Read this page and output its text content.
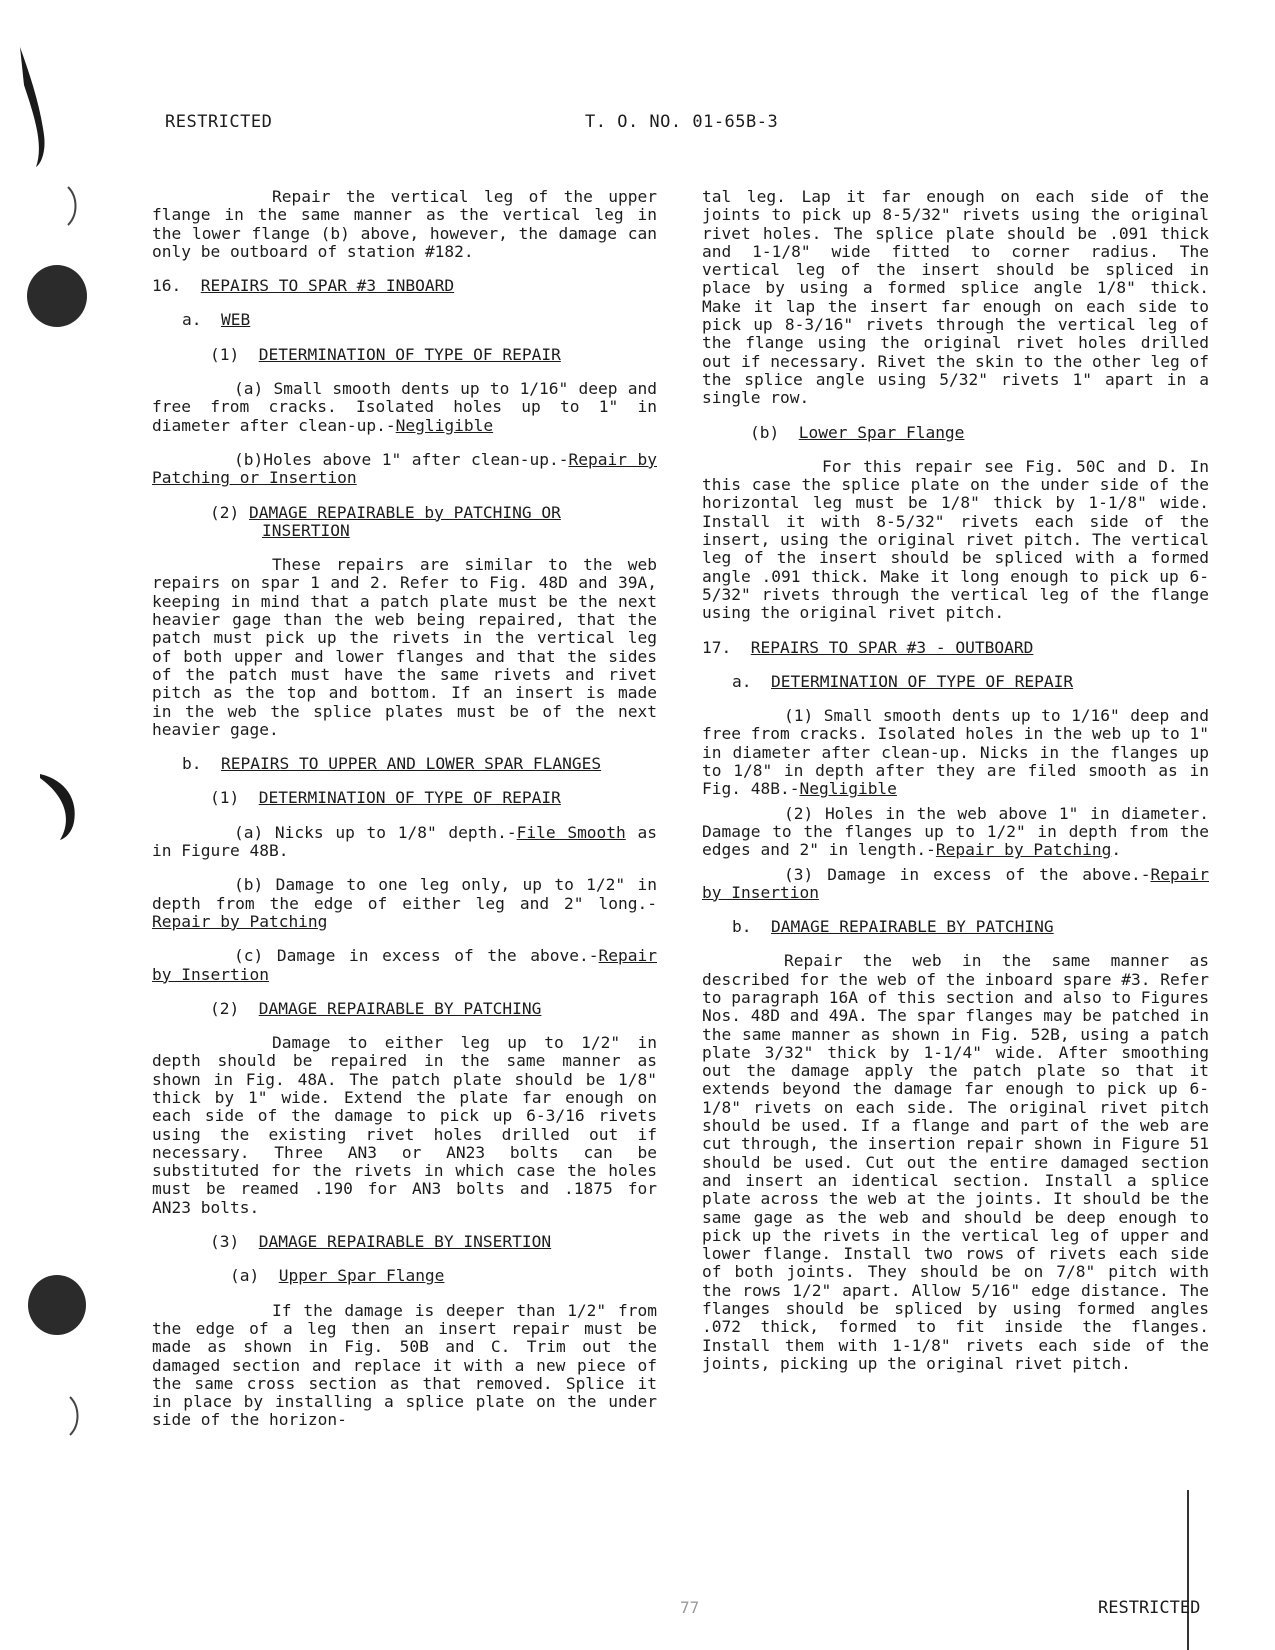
RESTRICTED	T. O. NO. 01-65B-3

Repair the vertical leg of the upper flange in the same manner as the vertical leg in the lower flange (b) above, however, the damage can only be outboard of station #182.

16. REPAIRS TO SPAR #3 INBOARD
a. WEB
(1) DETERMINATION OF TYPE OF REPAIR

(a) Small smooth dents up to 1/16" deep and free from cracks. Isolated holes up to 1" in diameter after clean-up.-Negligible

(b)Holes above 1" after clean-up.-Repair by Patching or Insertion

(2) DAMAGE REPAIRABLE by PATCHING OR INSERTION

These repairs are similar to the web repairs on spar 1 and 2. Refer to Fig. 48D and 39A, keeping in mind that a patch plate must be the next heavier gage than the web being repaired, that the patch must pick up the rivets in the vertical leg of both upper and lower flanges and that the sides of the patch must have the same rivets and rivet pitch as the top and bottom. If an insert is made in the web the splice plates must be of the next heavier gage.

b. REPAIRS TO UPPER AND LOWER SPAR FLANGES
(1) DETERMINATION OF TYPE OF REPAIR

(a) Nicks up to 1/8" depth.-File Smooth as in Figure 48B.

(b) Damage to one leg only, up to 1/2" in depth from the edge of either leg and 2" long.-Repair by Patching

(c) Damage in excess of the above.-Repair by Insertion

(2) DAMAGE REPAIRABLE BY PATCHING

Damage to either leg up to 1/2" in depth should be repaired in the same manner as shown in Fig. 48A. The patch plate should be 1/8" thick by 1" wide. Extend the plate far enough on each side of the damage to pick up 6-3/16 rivets using the existing rivet holes drilled out if necessary. Three AN3 or AN23 bolts can be substituted for the rivets in which case the holes must be reamed .190 for AN3 bolts and .1875 for AN23 bolts.

(3) DAMAGE REPAIRABLE BY INSERTION
(a) Upper Spar Flange

If the damage is deeper than 1/2" from the edge of a leg then an insert repair must be made as shown in Fig. 50B and C. Trim out the damaged section and replace it with a new piece of the same cross section as that removed. Splice it in place by installing a splice plate on the under side of the horizon-

tal leg. Lap it far enough on each side of the joints to pick up 8-5/32" rivets using the original rivet holes. The splice plate should be .091 thick and 1-1/8" wide fitted to corner radius. The vertical leg of the insert should be spliced in place by using a formed splice angle 1/8" thick. Make it lap the insert far enough on each side to pick up 8-3/16" rivets through the vertical leg of the flange using the original rivet holes drilled out if necessary. Rivet the skin to the other leg of the splice angle using 5/32" rivets 1" apart in a single row.

(b) Lower Spar Flange

For this repair see Fig. 50C and D. In this case the splice plate on the under side of the horizontal leg must be 1/8" thick by 1-1/8" wide. Install it with 8-5/32" rivets each side of the insert, using the original rivet pitch. The vertical leg of the insert should be spliced with a formed angle .091 thick. Make it long enough to pick up 6-5/32" rivets through the vertical leg of the flange using the original rivet pitch.

17. REPAIRS TO SPAR #3 - OUTBOARD
a. DETERMINATION OF TYPE OF REPAIR

(1) Small smooth dents up to 1/16" deep and free from cracks. Isolated holes in the web up to 1" in diameter after clean-up. Nicks in the flanges up to 1/8" in depth after they are filed smooth as in Fig. 48B.-Negligible

(2) Holes in the web above 1" in diameter. Damage to the flanges up to 1/2" in depth from the edges and 2" in length.-Repair by Patching.

(3) Damage in excess of the above.-Repair by Insertion

b. DAMAGE REPAIRABLE BY PATCHING

Repair the web in the same manner as described for the web of the inboard spare #3. Refer to paragraph 16A of this section and also to Figures Nos. 48D and 49A. The spar flanges may be patched in the same manner as shown in Fig. 52B, using a patch plate 3/32" thick by 1-1/4" wide. After smoothing out the damage apply the patch plate so that it extends beyond the damage far enough to pick up 6-1/8" rivets on each side. The original rivet pitch should be used. If a flange and part of the web are cut through, the insertion repair shown in Figure 51 should be used. Cut out the entire damaged section and insert an identical section. Install a splice plate across the web at the joints. It should be the same gage as the web and should be deep enough to pick up the rivets in the vertical leg of upper and lower flange. Install two rows of rivets each side of both joints. They should be on 7/8" pitch with the rows 1/2" apart. Allow 5/16" edge distance. The flanges should be spliced by using formed angles .072 thick, formed to fit inside the flanges. Install them with 1-1/8" rivets each side of the joints, picking up the original rivet pitch.

77	RESTRICTED
